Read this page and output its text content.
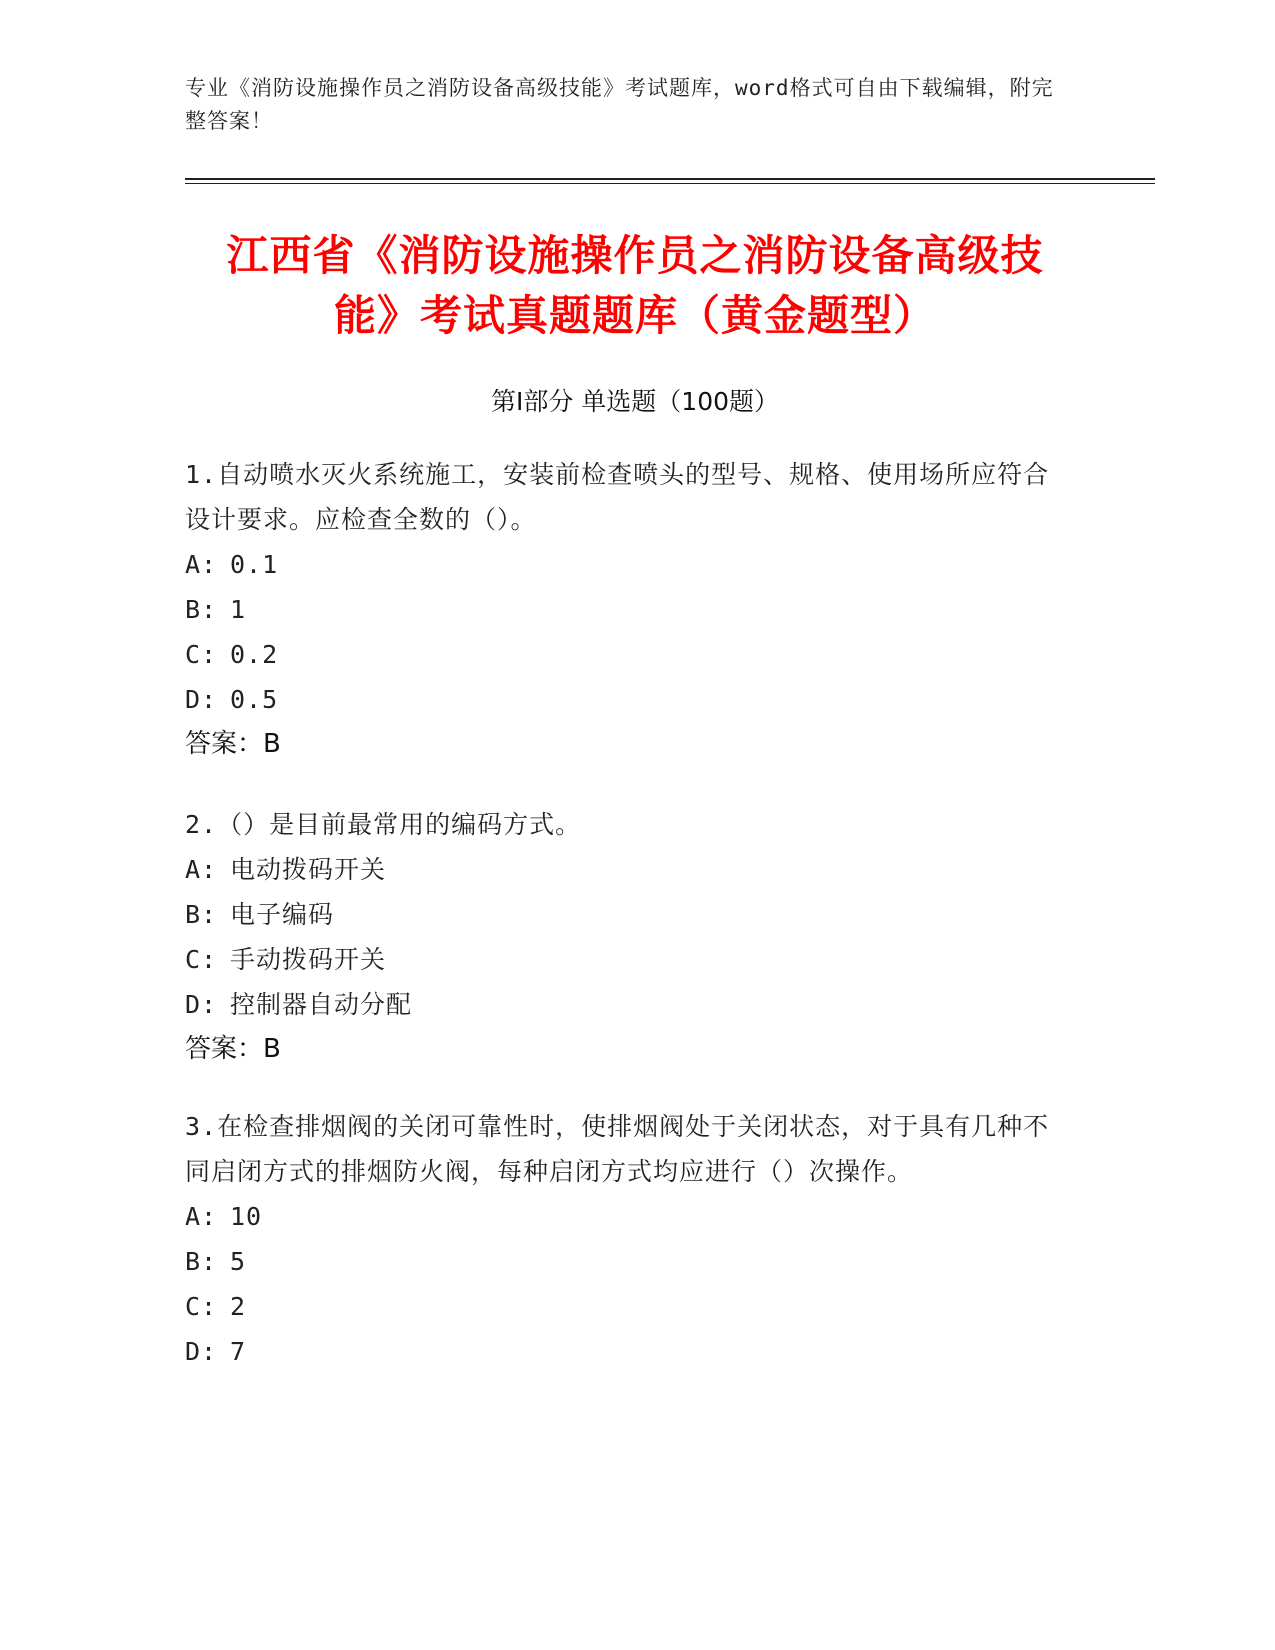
专业《消防设施操作员之消防设备高级技能》考试题库，word格式可自由下载编辑，附完整答案！
江西省《消防设施操作员之消防设备高级技
能》考试真题题库（黄金题型）
第Ⅰ部分 单选题（100题）

1.自动喷水灭火系统施工，安装前检查喷头的型号、规格、使用场所应符合设计要求。应检查全数的（）。

A: 0.1

B: 1

C: 0.2

D: 0.5

答案：B

2.（）是目前最常用的编码方式。

A: 电动拨码开关

B: 电子编码

C: 手动拨码开关

D: 控制器自动分配

答案：B

3.在检查排烟阀的关闭可靠性时，使排烟阀处于关闭状态，对于具有几种不同启闭方式的排烟防火阀，每种启闭方式均应进行（）次操作。

A: 10

B: 5

C: 2

D: 7
